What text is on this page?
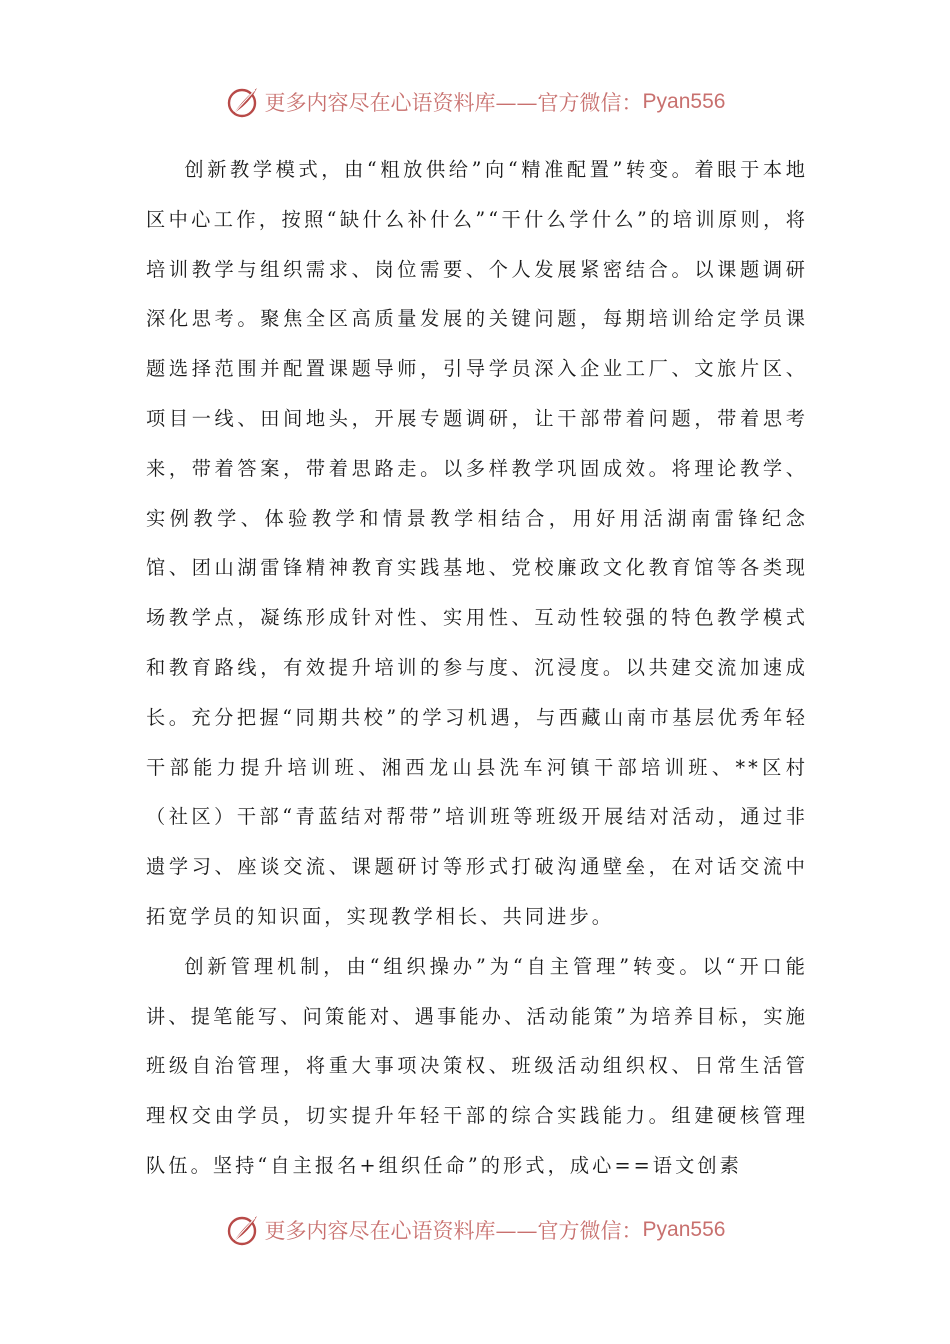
更多内容尽在心语资料库——官方微信： Pyan556

创新教学模式，由“粗放供给”向“精准配置”转变。着眼于本地区中心工作，按照“缺什么补什么”“干什么学什么”的培训原则，将培训教学与组织需求、岗位需要、个人发展紧密结合。以课题调研深化思考。聚焦全区高质量发展的关键问题，每期培训给定学员课题选择范围并配置课题导师，引导学员深入企业工厂、文旅片区、项目一线、田间地头，开展专题调研，让干部带着问题，带着思考来，带着答案，带着思路走。以多样教学巩固成效。将理论教学、实例教学、体验教学和情景教学相结合，用好用活湖南雷锋纪念馆、团山湖雷锋精神教育实践基地、党校廉政文化教育馆等各类现场教学点，凝练形成针对性、实用性、互动性较强的特色教学模式和教育路线，有效提升培训的参与度、沉浸度。以共建交流加速成长。充分把握“同期共校”的学习机遇，与西藏山南市基层优秀年轻干部能力提升培训班、湘西龙山县洗车河镇干部培训班、**区村（社区）干部“青蓝结对帮带”培训班等班级开展结对活动，通过非遗学习、座谈交流、课题研讨等形式打破沟通壁垒，在对话交流中拓宽学员的知识面，实现教学相长、共同进步。

创新管理机制，由“组织操办”为“自主管理”转变。以“开口能讲、提笔能写、问策能对、遇事能办、活动能策”为培养目标，实施班级自治管理，将重大事项决策权、班级活动组织权、日常生活管理权交由学员，切实提升年轻干部的综合实践能力。组建硬核管理队伍。坚持“自主报名+组织任命”的形式，成心==语文创素

更多内容尽在心语资料库——官方微信： Pyan556
